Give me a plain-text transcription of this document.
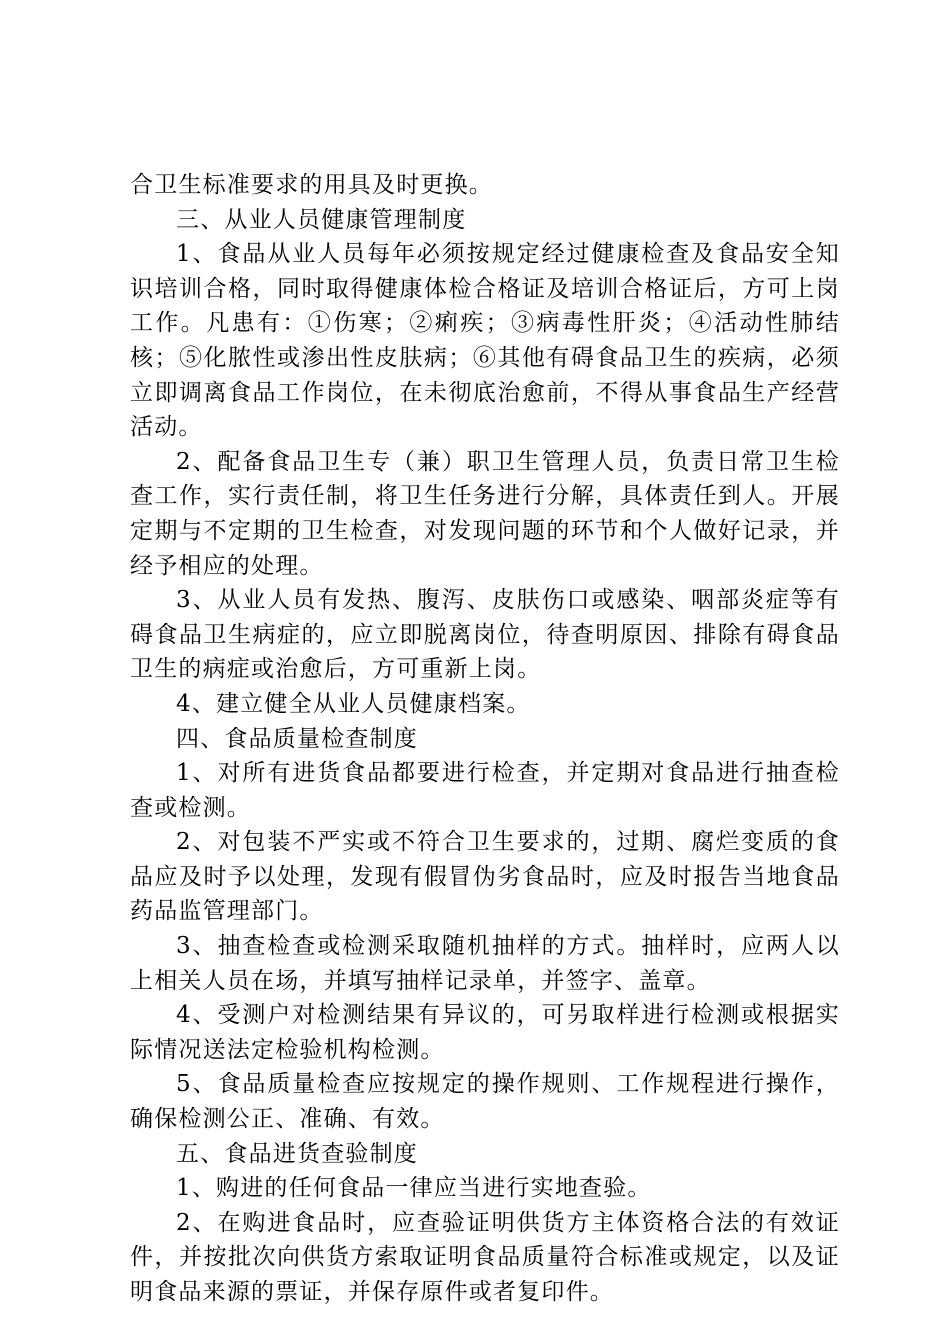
合卫生标准要求的用具及时更换。

三、从业人员健康管理制度

1、食品从业人员每年必须按规定经过健康检查及食品安全知识培训合格，同时取得健康体检合格证及培训合格证后，方可上岗工作。凡患有：①伤寒；②痢疾；③病毒性肝炎；④活动性肺结核；⑤化脓性或渗出性皮肤病；⑥其他有碍食品卫生的疾病，必须立即调离食品工作岗位，在未彻底治愈前，不得从事食品生产经营活动。

2、配备食品卫生专（兼）职卫生管理人员，负责日常卫生检查工作，实行责任制，将卫生任务进行分解，具体责任到人。开展定期与不定期的卫生检查，对发现问题的环节和个人做好记录，并经予相应的处理。

3、从业人员有发热、腹泻、皮肤伤口或感染、咽部炎症等有碍食品卫生病症的，应立即脱离岗位，待查明原因、排除有碍食品卫生的病症或治愈后，方可重新上岗。

4、建立健全从业人员健康档案。

四、食品质量检查制度

1、对所有进货食品都要进行检查，并定期对食品进行抽查检查或检测。

2、对包装不严实或不符合卫生要求的，过期、腐烂变质的食品应及时予以处理，发现有假冒伪劣食品时，应及时报告当地食品药品监管理部门。

3、抽查检查或检测采取随机抽样的方式。抽样时，应两人以上相关人员在场，并填写抽样记录单，并签字、盖章。

4、受测户对检测结果有异议的，可另取样进行检测或根据实际情况送法定检验机构检测。

5、食品质量检查应按规定的操作规则、工作规程进行操作，确保检测公正、准确、有效。

五、食品进货查验制度

1、购进的任何食品一律应当进行实地查验。

2、在购进食品时，应查验证明供货方主体资格合法的有效证件，并按批次向供货方索取证明食品质量符合标准或规定，以及证明食品来源的票证，并保存原件或者复印件。
